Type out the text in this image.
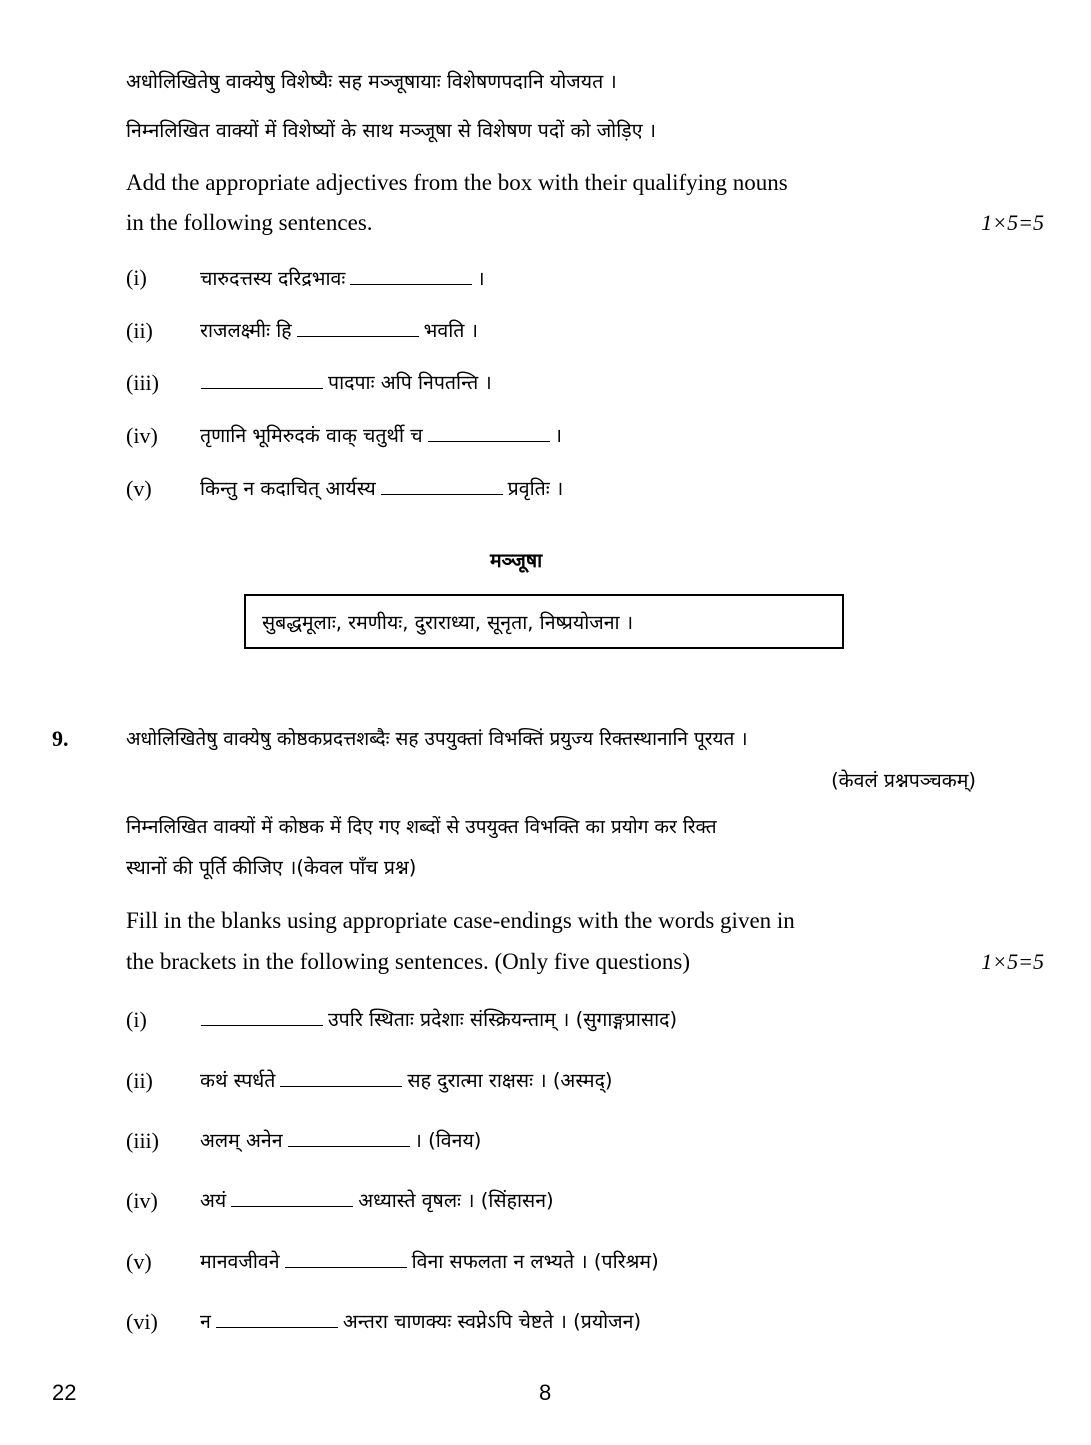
अधोलिखितेषु वाक्येषु विशेष्यैः सह मञ्जूषायाः विशेषणपदानि योजयत ।
निम्नलिखित वाक्यों में विशेष्यों के साथ मञ्जूषा से विशेषण पदों को जोड़िए ।
Add the appropriate adjectives from the box with their qualifying nouns
in the following sentences.	1×5=5
(i)	चारुदत्तस्य दरिद्रभावः	।
(ii) राजलक्ष्मीः हि	भवति ।
(iii)	पादपाः अपि निपतन्ति ।
(iv) तृणानि भूमिरुदकं वाक् चतुर्थी च	।
(v) किन्तु न कदाचित् आर्यस्य	प्रवृतिः ।
मञ्जूषा
सुबद्धमूलाः, रमणीयः, दुराराध्या, सूनृता, निष्प्रयोजना ।
9.	अधोलिखितेषु वाक्येषु कोष्ठकप्रदत्तशब्दैः सह उपयुक्तां विभक्तिं प्रयुज्य रिक्तस्थानानि पूरयत ।
(केवलं प्रश्नपञ्चकम्)
निम्नलिखित वाक्यों में कोष्ठक में दिए गए शब्दों से उपयुक्त विभक्ति का प्रयोग कर रिक्त
स्थानों की पूर्ति कीजिए ।(केवल पाँच प्रश्न)
Fill in the blanks using appropriate case-endings with the words given in
the brackets in the following sentences. (Only five questions)	1×5=5
(i)	उपरि स्थिताः प्रदेशाः संस्क्रियन्ताम् । (सुगाङ्गप्रासाद)
(ii) कथं स्पर्धते	सह दुरात्मा राक्षसः । (अस्मद्)
(iii) अलम् अनेन	। (विनय)
(iv) अयं	अध्यास्ते वृषलः । (सिंहासन)
(v) मानवजीवने	विना सफलता न लभ्यते । (परिश्रम)
(vi) न	अन्तरा चाणक्यः स्वप्नेऽपि चेष्टते । (प्रयोजन)
22	8
